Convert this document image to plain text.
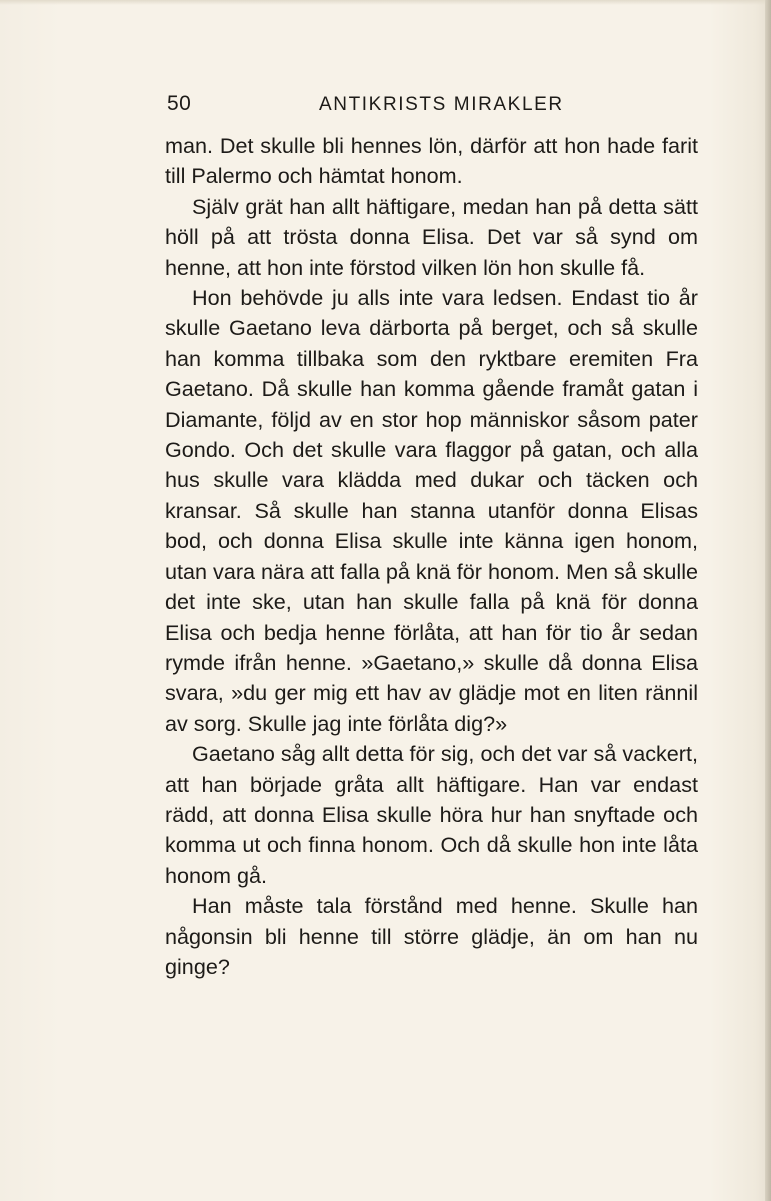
50	ANTIKRISTS MIRAKLER

man. Det skulle bli hennes lön, därför att hon hade farit till Palermo och hämtat honom.

Själv grät han allt häftigare, medan han på detta sätt höll på att trösta donna Elisa. Det var så synd om henne, att hon inte förstod vilken lön hon skulle få.

Hon behövde ju alls inte vara ledsen. Endast tio år skulle Gaetano leva därborta på berget, och så skulle han komma tillbaka som den ryktbare eremiten Fra Gaetano. Då skulle han komma gående framåt gatan i Diamante, följd av en stor hop människor såsom pater Gondo. Och det skulle vara flaggor på gatan, och alla hus skulle vara klädda med dukar och täcken och kransar. Så skulle han stanna utanför donna Elisas bod, och donna Elisa skulle inte känna igen honom, utan vara nära att falla på knä för honom. Men så skulle det inte ske, utan han skulle falla på knä för donna Elisa och bedja henne förlåta, att han för tio år sedan rymde ifrån henne. »Gaetano,» skulle då donna Elisa svara, »du ger mig ett hav av glädje mot en liten rännil av sorg. Skulle jag inte förlåta dig?»

Gaetano såg allt detta för sig, och det var så vackert, att han började gråta allt häftigare. Han var endast rädd, att donna Elisa skulle höra hur han snyftade och komma ut och finna honom. Och då skulle hon inte låta honom gå.

Han måste tala förstånd med henne. Skulle han någonsin bli henne till större glädje, än om han nu ginge?
